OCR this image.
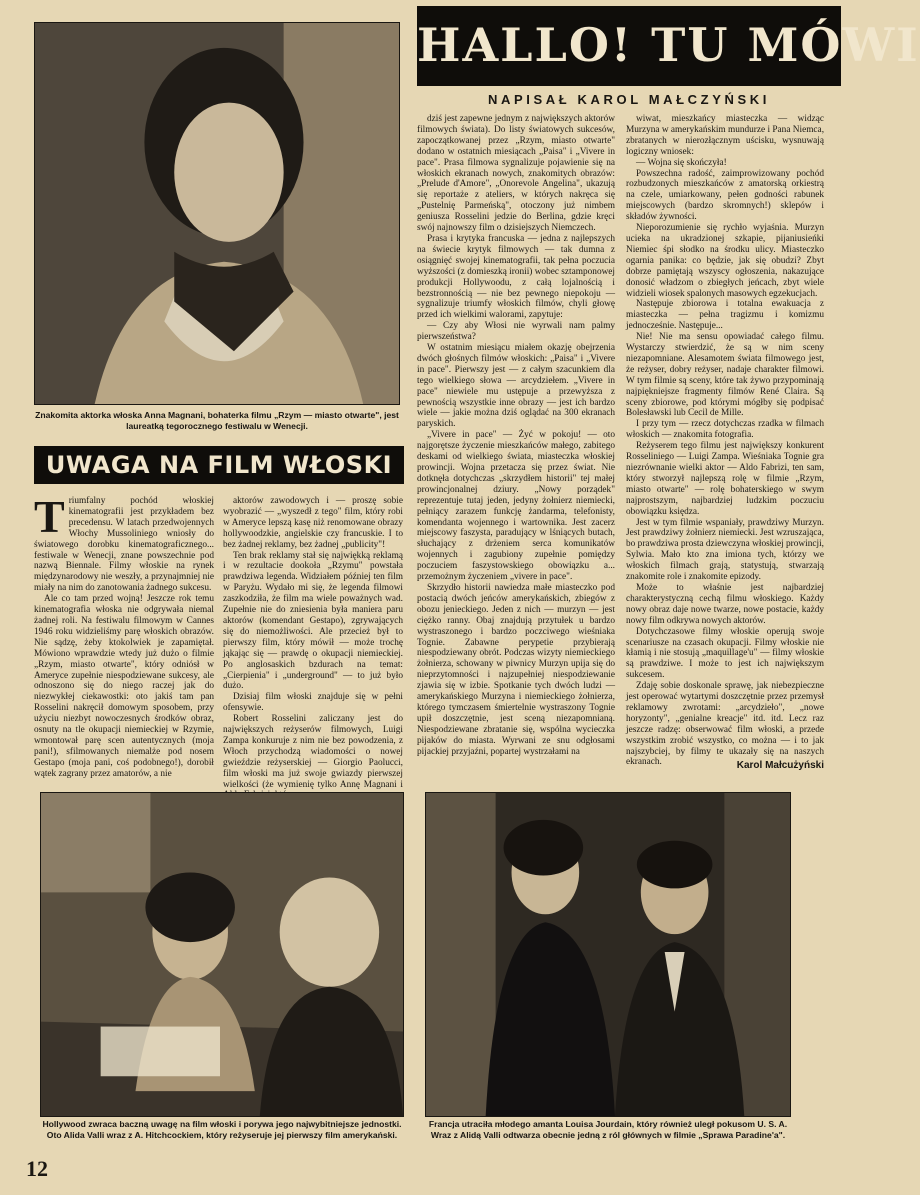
Znakomita aktorka włoska Anna Magnani, bohaterka filmu „Rzym — miasto otwarte", jest laureatką tegorocznego festiwalu w Wenecji.
HALLO! TU MÓWI
NAPISAŁ KAROL MAŁCZYŃSKI
UWAGA NA FILM WŁOSKI
T riumfalny pochód włoskiej kinematografii jest przykładem bez precedensu. W latach przedwojennych Włochy Mussoliniego wniosły do światowego dorobku kinematograficznego... festiwale w Wenecji, znane powszechnie pod nazwą Biennale. Filmy włoskie na rynek międzynarodowy nie weszły, a przynajmniej nie miały na nim do zanotowania żadnego sukcesu.

Ale co tam przed wojną! Jeszcze rok temu kinematografia włoska nie odgrywała niemal żadnej roli. Na festiwalu filmowym w Cannes 1946 roku widzieliśmy parę włoskich obrazów. Nie sądzę, żeby ktokolwiek je zapamiętał. Mówiono wprawdzie wtedy już dużo o filmie „Rzym, miasto otwarte", który odniósł w Ameryce zupełnie niespodziewane sukcesy, ale odnoszono się do niego raczej jak do niezwykłej ciekawostki: oto jakiś tam pan Rosselini nakręcił domowym sposobem, przy użyciu niezbyt nowoczesnych środków obraz, osnuty na tle okupacji niemieckiej w Rzymie, wmontował parę scen autentycznych (moja pani!), sfilmowanych niemalże pod nosem Gestapo (moja pani, coś podobnego!), dorobił wątek zagrany przez amatorów, a nie

aktorów zawodowych i — proszę sobie wyobrazić — „wyszedł z tego" film, który robi w Ameryce lepszą kasę niż renomowane obrazy hollywoodzkie, angielskie czy francuskie. I to bez żadnej reklamy, bez żadnej „publicity"!

Ten brak reklamy stał się najwiękką reklamą i w rezultacie dookoła „Rzymu" powstała prawdziwa legenda. Widziałem później ten film w Paryżu. Wydało mi się, że legenda filmowi zaszkodziła, że film ma wiele poważnych wad. Zupełnie nie do zniesienia była maniera paru aktorów (komendant Gestapo), zgrywających się do niemożliwości. Ale przecież był to pierwszy film, który mówił — może trochę jąkając się — prawdę o okupacji niemieckiej. Po anglosaskich bzdurach na temat: „Cierpienia" i „underground" — to już było dużo.

Dzisiaj film włoski znajduje się w pełni ofensywie.

Robert Rosselini zaliczany jest do największych reżyserów filmowych, Luigi Zampa konkuruje z nim nie bez powodzenia, z Włoch przychodzą wiadomości o nowej gwieździe reżyserskiej — Giorgio Paolucci, film włoski ma już swoje gwiazdy pierwszej wielkości (że wymienię tylko Annę Magnani i

dziś jest zapewne jednym z największych aktorów filmowych świata). Do listy światowych sukcesów, zapoczątkowanej przez „Rzym, miasto otwarte" dodano w ostatnich miesiącach „Paisa" i „Vivere in pace". Prasa filmowa sygnalizuje pojawienie się na włoskich ekranach nowych, znakomitych obrazów: „Prelude d'Amore", „Onorevole Angelina", ukazują się reportaże z ateliers, w których nakręca się „Pustelnię Parmeńską", otoczony już nimbem geniusza Rosselini jedzie do Berlina, gdzie kręci swój najnowszy film o dzisiejszych Niemczech.

Prasa i krytyka francuska — jedna z najlepszych na świecie krytyk filmowych — tak dumna z osiągnięć swojej kinematografii, tak pełna poczucia wyższości (z domieszką ironii) wobec sztamponowej produkcji Hollywoodu, z całą lojalnością i bezstronnością — nie bez pewnego niepokoju — sygnalizuje triumfy włoskich filmów, chyli głowę przed ich wielkimi walorami, zapytuje:

— Czy aby Włosi nie wyrwali nam palmy pierwszeństwa?

W ostatnim miesiącu miałem okazję obejrzenia dwóch głośnych filmów włoskich: „Paisa" i „Vivere in pace". Pierwszy jest — z całym szacunkiem dla tego wielkiego słowa — arcydziełem. „Vivere in pace" niewiele mu ustępuje a przewyższa z pewnością wszystkie inne obrazy — jest ich bardzo wiele — jakie można dziś oglądać na 300 ekranach paryskich.

„Vivere in pace" — Żyć w pokoju! — oto najgorętsze życzenie mieszkańców małego, zabitego deskami od wielkiego świata, miasteczka włoskiej prowincji. Wojna przetacza się przez świat. Nie dotknęła dotychczas „skrzydłem historii" tej małej prowincjonalnej dziury. „Nowy porządek" reprezentuje tutaj jeden, jedyny żołnierz niemiecki, pełniący zarazem funkcję żandarma, telefonisty, komendanta wojennego i wartownika. Jest zacerz miejscowy faszysta, paradujący w lśniących butach, słuchający z drżeniem serca komunikatów wojennych i zagubiony zupełnie pomiędzy poczuciem faszystowskiego obowiązku a... przemożnym życzeniem „vivere in pace".

Skrzydło historii nawiedza małe miasteczko pod postacią dwóch jeńców amerykańskich, zbiegów z obozu jenieckiego. Jeden z nich — murzyn — jest ciężko ranny. Obaj znajdują przytułek u bardzo wystraszonego i bardzo poczciwego wieśniaka Tognie. Zabawne perypetie przybierają niespodziewany obrót. Podczas wizyty niemieckiego żołnierza, schowany w piwnicy Murzyn upija się do nieprzytomności i najzupełniej niespodziewanie zjawia się w izbie. Spotkanie tych dwóch ludzi — amerykańskiego Murzyna i niemieckiego żołnierza, którego tymczasem śmiertelnie wystraszony Tognie upił doszczętnie, jest sceną niezapomnianą. Niespodziewane zbratanie się, wspólna wycieczka pijaków do miasta. Wyrwani ze snu odgłosami pijackiej przyjaźni, popartej wystrzałami na

wiwat, mieszkańcy miasteczka — widząc Murzyna w amerykańskim mundurze i Pana Niemca, zbratanych w nierozłącznym uścisku, wysnuwają logiczny wniosek:

— Wojna się skończyła!

Powszechna radość, zaimprowizowany pochód rozbudzonych mieszkańców z amatorską orkiestrą na czele, umiarkowany, pełen godności rabunek miejscowych (bardzo skromnych!) sklepów i składów żywności.

Nieporozumienie się rychło wyjaśnia. Murzyn ucieka na ukradzionej szkapie, pijaniusieńki Niemiec śpi słodko na środku ulicy. Miasteczko ogarnia panika: co będzie, jak się obudzi? Zbyt dobrze pamiętają wszyscy ogłoszenia, nakazujące donosić władzom o zbiegłych jeńcach, zbyt wiele widzieli wiosek spalonych masowych egzekucjach.

Następuje zbiorowa i totalna ewakuacja z miasteczka — pełna tragizmu i komizmu jednocześnie. Następuje...

Nie! Nie ma sensu opowiadać całego filmu. Wystarczy stwierdzić, że są w nim sceny niezapomniane. Alesamotem świata filmowego jest, że reżyser, dobry reżyser, nadaje charakter filmowi. W tym filmie są sceny, które tak żywo przypominają najpiękniejsze fragmenty filmów René Claira. Są sceny zbiorowe, pod którymi mógłby się podpisać Bolesławski lub Cecil de Mille.

I przy tym — rzecz dotychczas rzadka w filmach włoskich — znakomita fotografia.

Reżyserem tego filmu jest największy konkurent Rosseliniego — Luigi Zampa. Wieśniaka Tognie gra niezrównanie wielki aktor — Aldo Fabrizi, ten sam, który stworzył najlepszą rolę w filmie „Rzym, miasto otwarte" — rolę bohaterskiego w swym najprostszym, najbardziej ludzkim poczuciu obowiązku księdza.

Jest w tym filmie wspaniały, prawdziwy Murzyn. Jest prawdziwy żołnierz niemiecki. Jest wzruszająca, bo prawdziwa prosta dziewczyna włoskiej prowincji, Sylwia. Mało kto zna imiona tych, którzy we włoskich filmach grają, statystują, stwarzają znakomite role i znakomite epizody.

Może to właśnie jest najbardziej charakterystyczną cechą filmu włoskiego. Każdy nowy obraz daje nowe twarze, nowe postacie, każdy nowy film odkrywa nowych aktorów.

Dotychczasowe filmy włoskie operują swoje scenariusze na czasach okupacji. Filmy włoskie nie kłamią i nie stosują „maquillage'u" — filmy włoskie są prawdziwe. I może to jest ich największym sukcesem.

Zdaję sobie doskonale sprawę, jak niebezpieczne jest operować wytartymi doszczętnie przez przemysł reklamowy zwrotami: „arcydzieło", „nowe horyzonty", „genialne kreacje" itd. itd. Lecz raz jeszcze radzę: obserwować film włoski, a przede wszystkim zrobić wszystko, co można — i to jak najszybciej, by filmy te ukazały się na naszych ekranach.	Karol Małcużyński
Hollywood zwraca baczną uwagę na film włoski i porywa jego najwybitniejsze jednostki. Oto Alida Valli wraz z A. Hitchcockiem, który reżyseruje jej pierwszy film amerykański.
Francja utraciła młodego amanta Louisa Jourdain, który również uległ pokusom U. S. A. Wraz z Alidą Valli odtwarza obecnie jedną z ról głównych w filmie „Sprawa Paradine'a".
12
